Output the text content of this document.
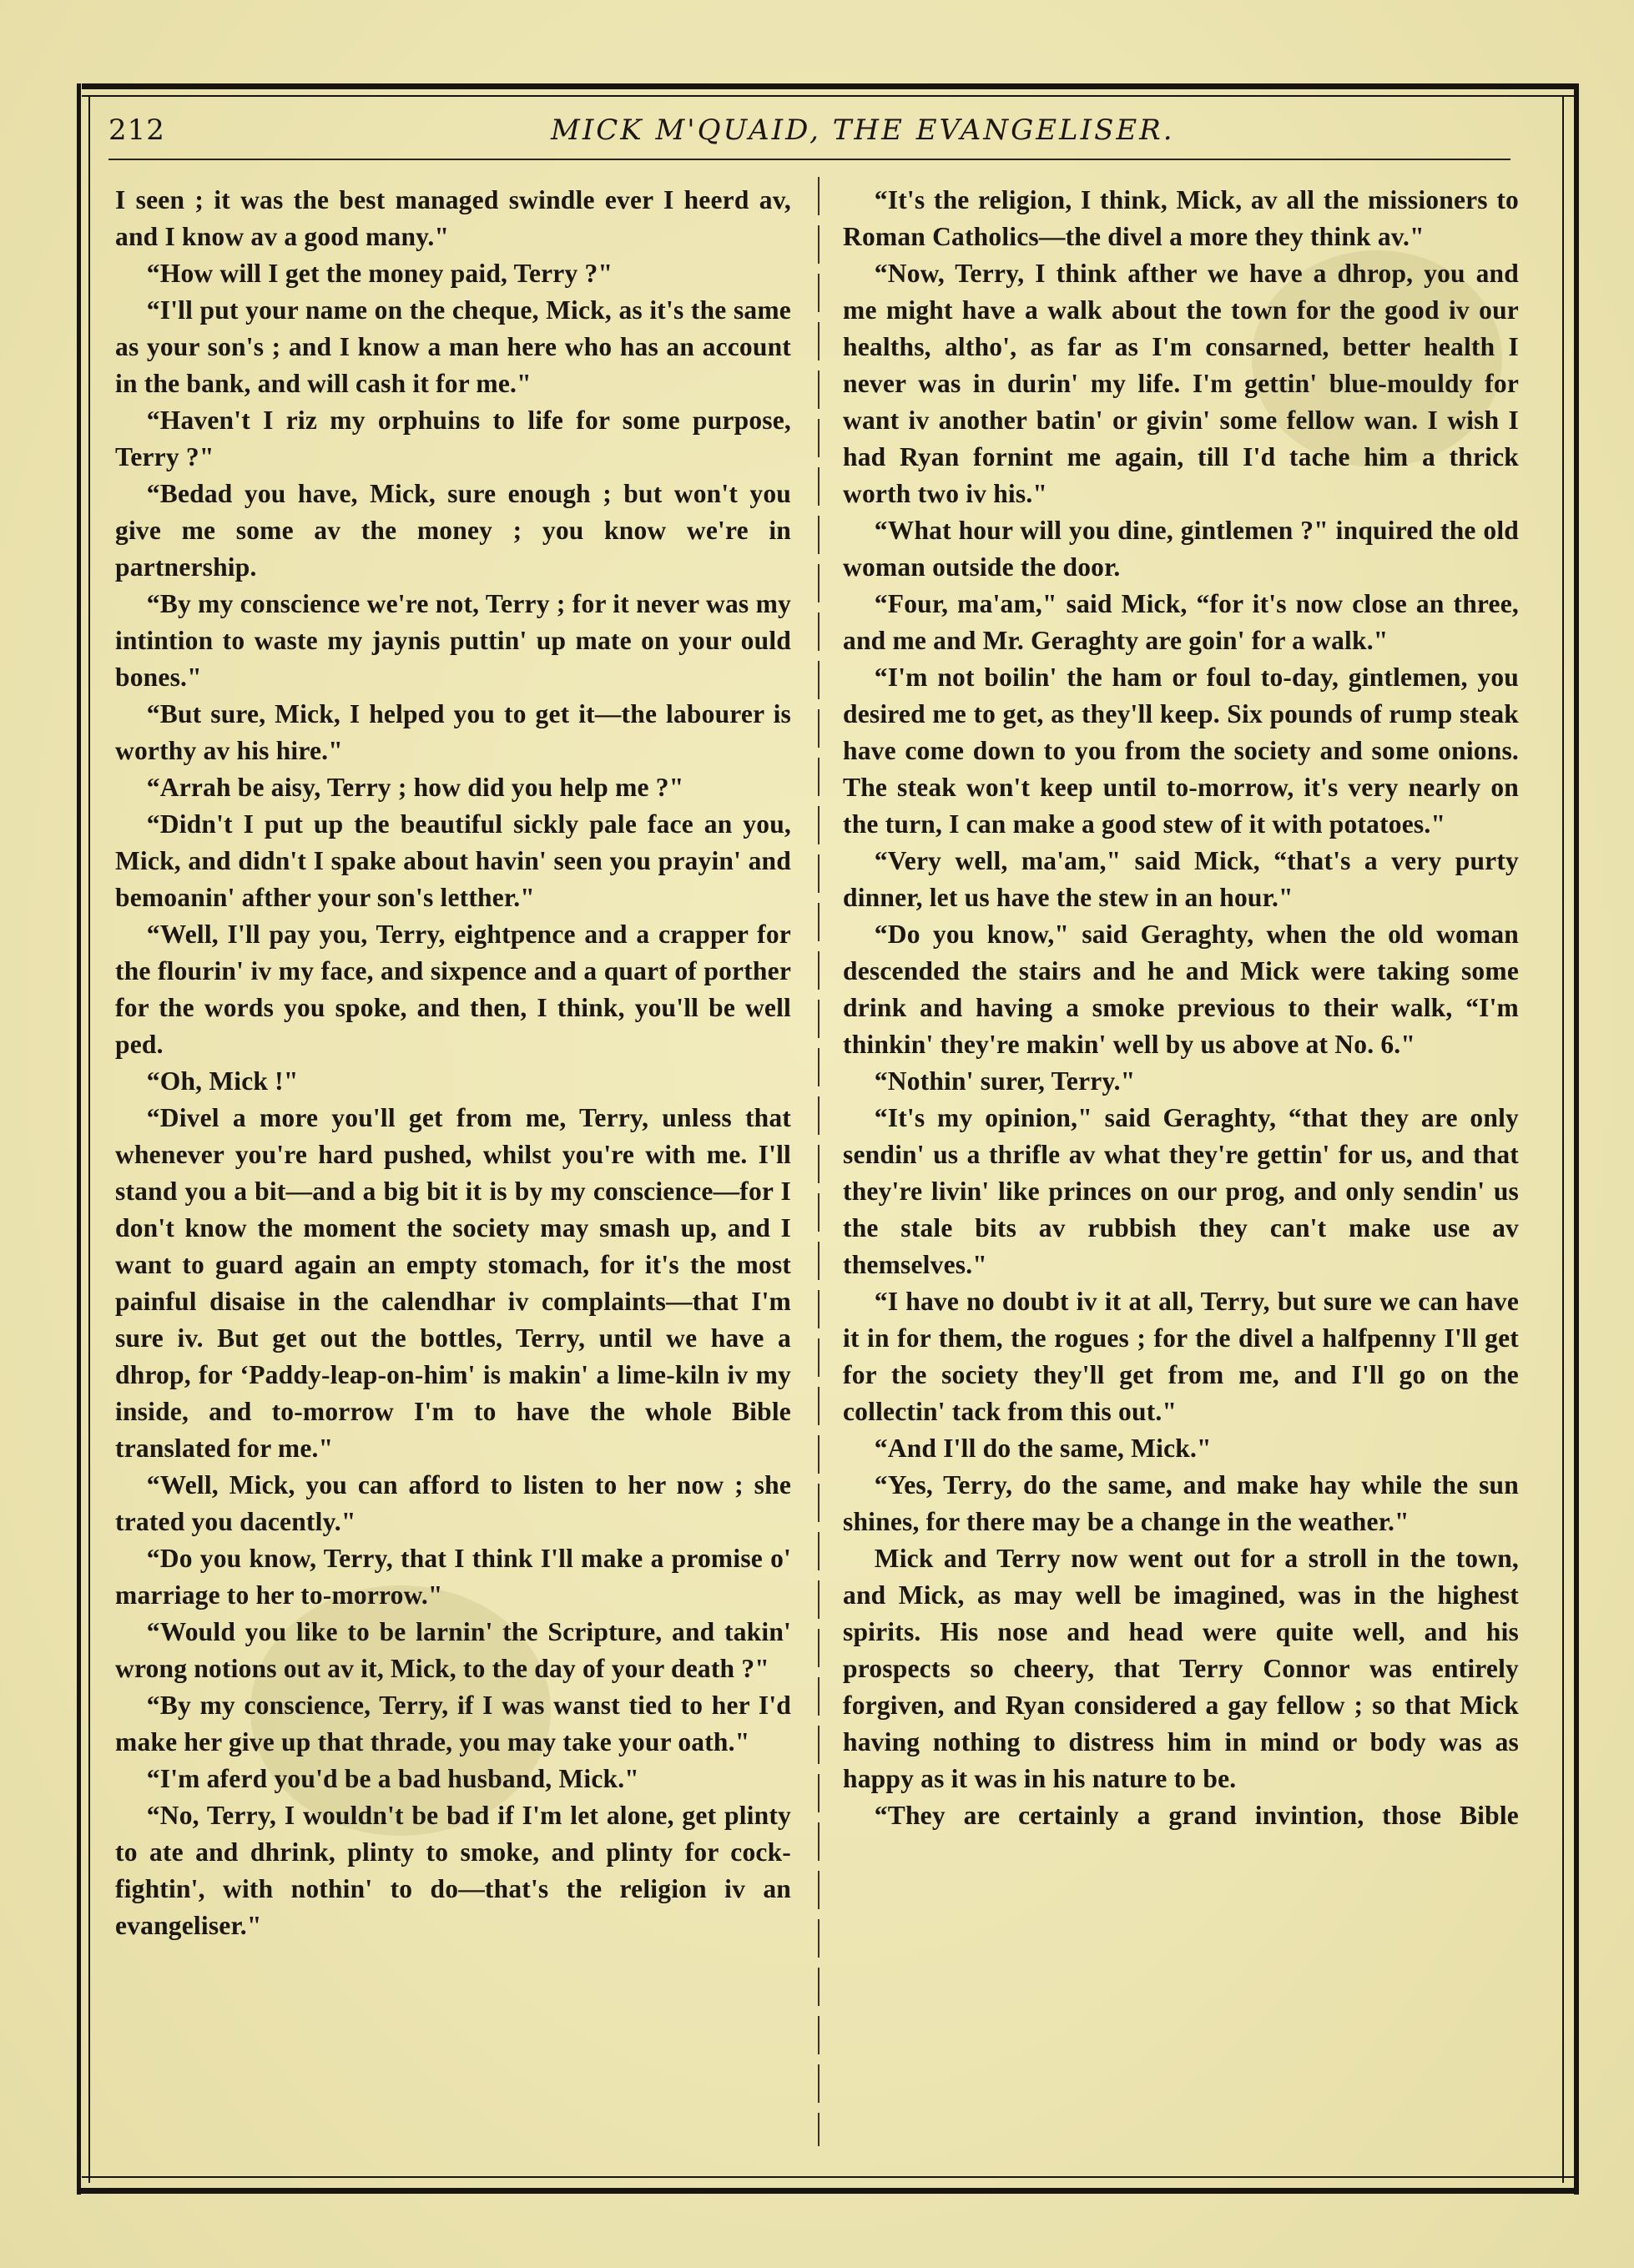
212	MICK M'QUAID, THE EVANGELISER.

I seen ; it was the best managed swindle ever I heerd av, and I know av a good many."

“How will I get the money paid, Terry ?"

“I'll put your name on the cheque, Mick, as it's the same as your son's ; and I know a man here who has an account in the bank, and will cash it for me."

“Haven't I riz my orphuins to life for some purpose, Terry ?"

“Bedad you have, Mick, sure enough ; but won't you give me some av the money ; you know we're in partnership.

“By my conscience we're not, Terry ; for it never was my intintion to waste my jaynis puttin' up mate on your ould bones."

“But sure, Mick, I helped you to get it—the labourer is worthy av his hire."

“Arrah be aisy, Terry ; how did you help me ?"

“Didn't I put up the beautiful sickly pale face an you, Mick, and didn't I spake about havin' seen you prayin' and bemoanin' afther your son's letther."

“Well, I'll pay you, Terry, eightpence and a crapper for the flourin' iv my face, and sixpence and a quart of porther for the words you spoke, and then, I think, you'll be well ped.

“Oh, Mick !"

“Divel a more you'll get from me, Terry, unless that whenever you're hard pushed, whilst you're with me. I'll stand you a bit—and a big bit it is by my conscience—for I don't know the moment the society may smash up, and I want to guard again an empty stomach, for it's the most painful disaise in the calendhar iv complaints—that I'm sure iv. But get out the bottles, Terry, until we have a dhrop, for ‘Paddy-leap-on-him' is makin' a lime-kiln iv my inside, and to-morrow I'm to have the whole Bible translated for me."

“Well, Mick, you can afford to listen to her now ; she trated you dacently."

“Do you know, Terry, that I think I'll make a promise o' marriage to her to-morrow."

“Would you like to be larnin' the Scripture, and takin' wrong notions out av it, Mick, to the day of your death ?"

“By my conscience, Terry, if I was wanst tied to her I'd make her give up that thrade, you may take your oath."

“I'm aferd you'd be a bad husband, Mick."

“No, Terry, I wouldn't be bad if I'm let alone, get plinty to ate and dhrink, plinty to smoke, and plinty for cock-fightin', with nothin' to do—that's the religion iv an evangeliser."

“It's the religion, I think, Mick, av all the missioners to Roman Catholics—the divel a more they think av."

“Now, Terry, I think afther we have a dhrop, you and me might have a walk about the town for the good iv our healths, altho', as far as I'm consarned, better health I never was in durin' my life. I'm gettin' blue-mouldy for want iv another batin' or givin' some fellow wan. I wish I had Ryan fornint me again, till I'd tache him a thrick worth two iv his."

“What hour will you dine, gintlemen ?" inquired the old woman outside the door.

“Four, ma'am," said Mick, “for it's now close an three, and me and Mr. Geraghty are goin' for a walk."

“I'm not boilin' the ham or foul to-day, gintlemen, you desired me to get, as they'll keep. Six pounds of rump steak have come down to you from the society and some onions. The steak won't keep until to-morrow, it's very nearly on the turn, I can make a good stew of it with potatoes."

“Very well, ma'am," said Mick, “that's a very purty dinner, let us have the stew in an hour."

“Do you know," said Geraghty, when the old woman descended the stairs and he and Mick were taking some drink and having a smoke previous to their walk, “I'm thinkin' they're makin' well by us above at No. 6."

“Nothin' surer, Terry."

“It's my opinion," said Geraghty, “that they are only sendin' us a thrifle av what they're gettin' for us, and that they're livin' like princes on our prog, and only sendin' us the stale bits av rubbish they can't make use av themselves."

“I have no doubt iv it at all, Terry, but sure we can have it in for them, the rogues ; for the divel a halfpenny I'll get for the society they'll get from me, and I'll go on the collectin' tack from this out."

“And I'll do the same, Mick."

“Yes, Terry, do the same, and make hay while the sun shines, for there may be a change in the weather."

Mick and Terry now went out for a stroll in the town, and Mick, as may well be imagined, was in the highest spirits. His nose and head were quite well, and his prospects so cheery, that Terry Connor was entirely forgiven, and Ryan considered a gay fellow ; so that Mick having nothing to distress him in mind or body was as happy as it was in his nature to be.

“They are certainly a grand invintion, those Bible
